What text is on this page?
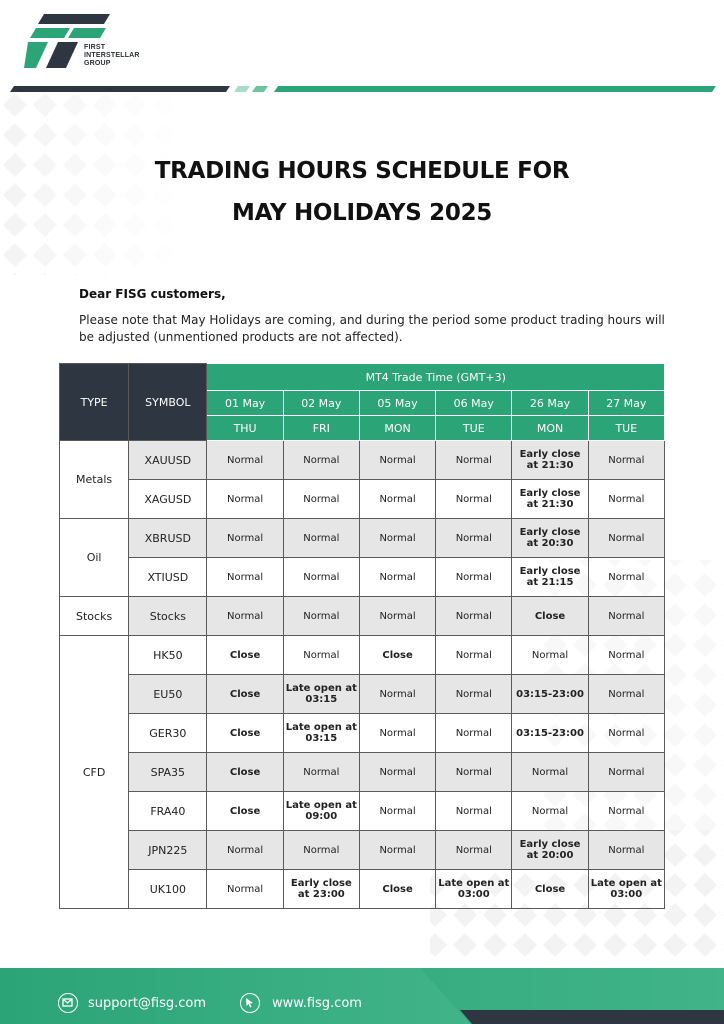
FIRST
INTERSTELLAR
GROUP
TRADING HOURS SCHEDULE FOR
MAY HOLIDAYS 2025
Dear FISG customers,
Please note that May Holidays are coming, and during the period some product trading hours will be adjusted (unmentioned products are not affected).
TYPE	SYMBOL	MT4 Trade Time (GMT+3)					
		01 May	02 May	05 May	06 May	26 May	27 May
		THU	FRI	MON	TUE	MON	TUE
Metals	XAUUSD	Normal	Normal	Normal	Normal	Early close at 21:30	Normal
	XAGUSD	Normal	Normal	Normal	Normal	Early close at 21:30	Normal
Oil	XBRUSD	Normal	Normal	Normal	Normal	Early close at 20:30	Normal
	XTIUSD	Normal	Normal	Normal	Normal	Early close at 21:15	Normal
Stocks	Stocks	Normal	Normal	Normal	Normal	Close	Normal
CFD	HK50	Close	Normal	Close	Normal	Normal	Normal
	EU50	Close	Late open at 03:15	Normal	Normal	03:15-23:00	Normal
	GER30	Close	Late open at 03:15	Normal	Normal	03:15-23:00	Normal
	SPA35	Close	Normal	Normal	Normal	Normal	Normal
	FRA40	Close	Late open at 09:00	Normal	Normal	Normal	Normal
	JPN225	Normal	Normal	Normal	Normal	Early close at 20:00	Normal
	UK100	Normal	Early close at 23:00	Close	Late open at 03:00	Close	Late open at 03:00
support@fisg.com	www.fisg.com
